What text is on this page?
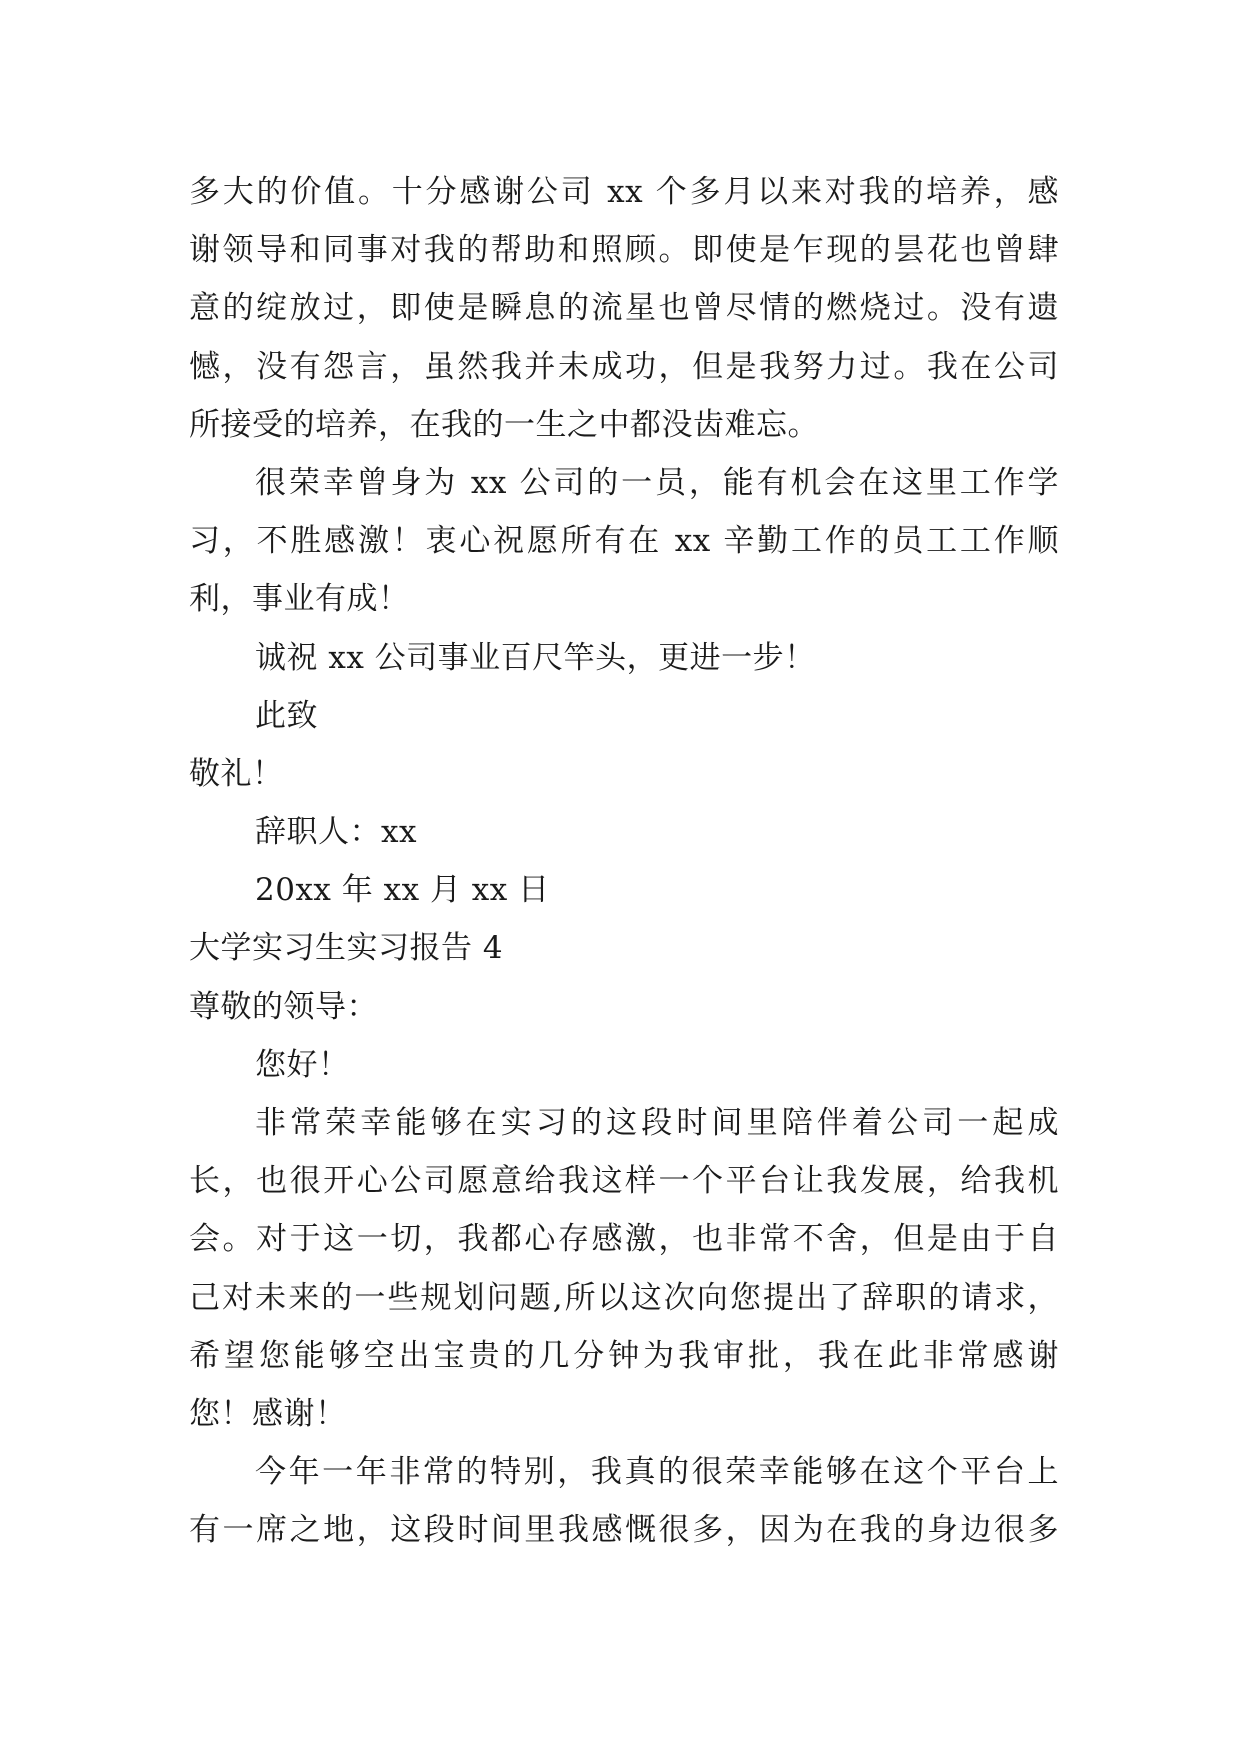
多大的价值。十分感谢公司 xx 个多月以来对我的培养，感
谢领导和同事对我的帮助和照顾。即使是乍现的昙花也曾肆
意的绽放过，即使是瞬息的流星也曾尽情的燃烧过。没有遗
憾，没有怨言，虽然我并未成功，但是我努力过。我在公司
所接受的培养，在我的一生之中都没齿难忘。
很荣幸曾身为 xx 公司的一员，能有机会在这里工作学
习，不胜感激！衷心祝愿所有在 xx 辛勤工作的员工工作顺
利，事业有成！
诚祝 xx 公司事业百尺竿头，更进一步！
此致
敬礼！
辞职人：xx
20xx 年 xx 月 xx 日
大学实习生实习报告 4
尊敬的领导：
您好！
非常荣幸能够在实习的这段时间里陪伴着公司一起成
长，也很开心公司愿意给我这样一个平台让我发展，给我机
会。对于这一切，我都心存感激，也非常不舍，但是由于自
己对未来的一些规划问题,所以这次向您提出了辞职的请求，
希望您能够空出宝贵的几分钟为我审批，我在此非常感谢
您！感谢！
今年一年非常的特别，我真的很荣幸能够在这个平台上
有一席之地，这段时间里我感慨很多，因为在我的身边很多
